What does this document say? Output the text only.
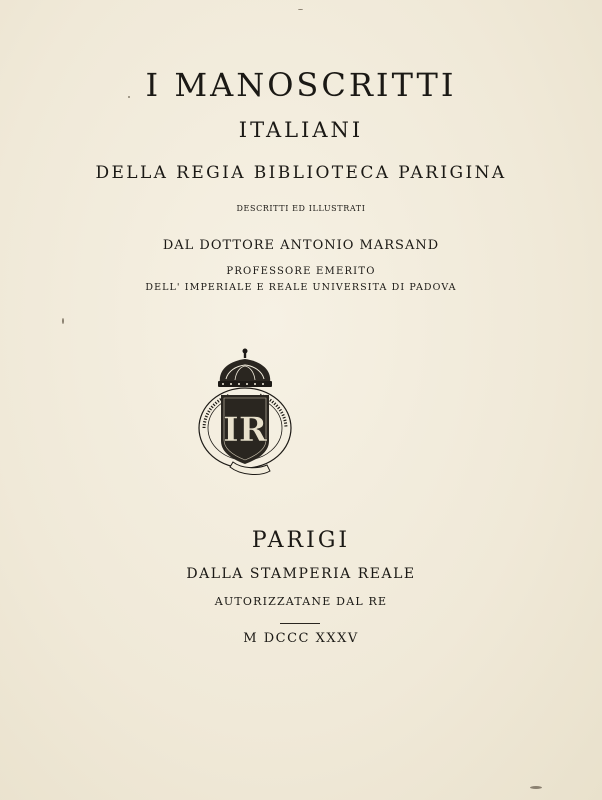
I MANOSCRITTI
ITALIANI
DELLA REGIA BIBLIOTECA PARIGINA
DESCRITTI ED ILLUSTRATI
DAL DOTTORE ANTONIO MARSAND
PROFESSORE EMERITO
DELL' IMPERIALE E REALE UNIVERSITA DI PADOVA
IR
PARIGI
DALLA STAMPERIA REALE
AUTORIZZATANE DAL RE
M DCCC XXXV
